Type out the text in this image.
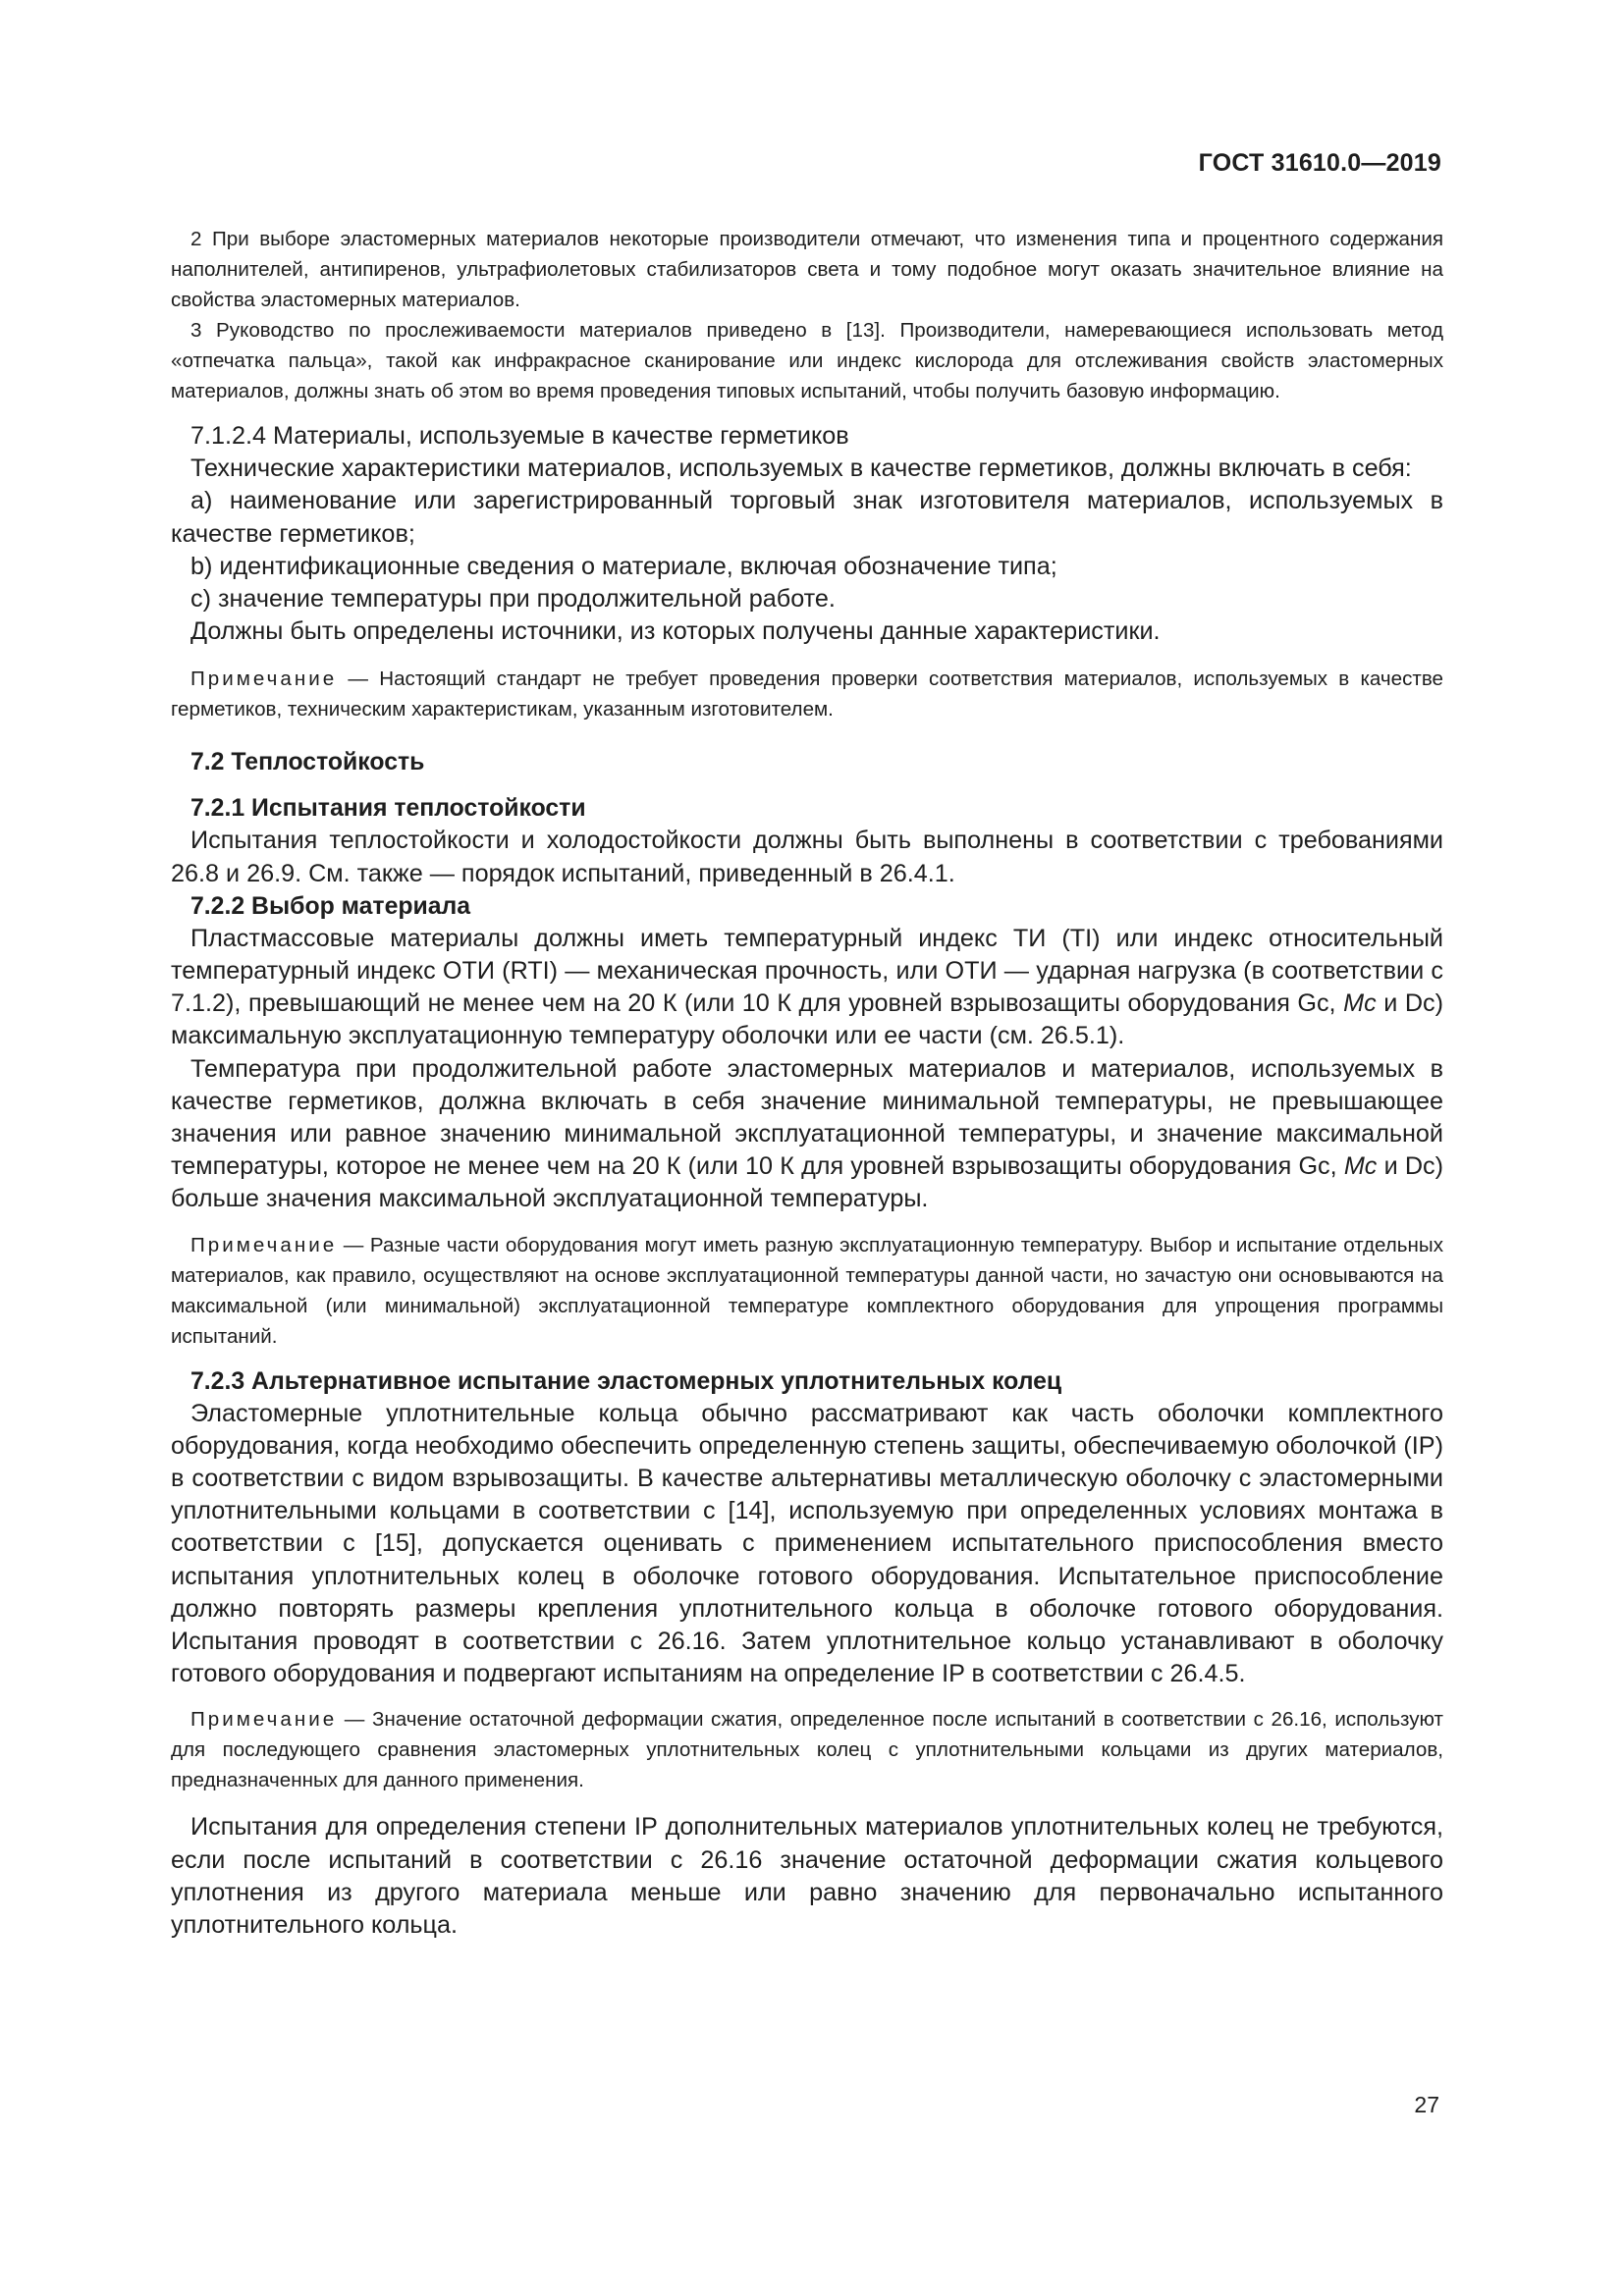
ГОСТ 31610.0—2019

2 При выборе эластомерных материалов некоторые производители отмечают, что изменения типа и процентного содержания наполнителей, антипиренов, ультрафиолетовых стабилизаторов света и тому подобное могут оказать значительное влияние на свойства эластомерных материалов.

3 Руководство по прослеживаемости материалов приведено в [13]. Производители, намеревающиеся использовать метод «отпечатка пальца», такой как инфракрасное сканирование или индекс кислорода для отслеживания свойств эластомерных материалов, должны знать об этом во время проведения типовых испытаний, чтобы получить базовую информацию.

7.1.2.4 Материалы, используемые в качестве герметиков

Технические характеристики материалов, используемых в качестве герметиков, должны включать в себя:

a) наименование или зарегистрированный торговый знак изготовителя материалов, используемых в качестве герметиков;

b) идентификационные сведения о материале, включая обозначение типа;

c) значение температуры при продолжительной работе.

Должны быть определены источники, из которых получены данные характеристики.

Примечание — Настоящий стандарт не требует проведения проверки соответствия материалов, используемых в качестве герметиков, техническим характеристикам, указанным изготовителем.

7.2 Теплостойкость

7.2.1 Испытания теплостойкости

Испытания теплостойкости и холодостойкости должны быть выполнены в соответствии с требованиями 26.8 и 26.9. См. также — порядок испытаний, приведенный в 26.4.1.

7.2.2 Выбор материала

Пластмассовые материалы должны иметь температурный индекс ТИ (TI) или индекс относительный температурный индекс ОТИ (RTI) — механическая прочность, или ОТИ — ударная нагрузка (в соответствии с 7.1.2), превышающий не менее чем на 20 К (или 10 К для уровней взрывозащиты оборудования Gc, Mc и Dc) максимальную эксплуатационную температуру оболочки или ее части (см. 26.5.1).

Температура при продолжительной работе эластомерных материалов и материалов, используемых в качестве герметиков, должна включать в себя значение минимальной температуры, не превышающее значения или равное значению минимальной эксплуатационной температуры, и значение максимальной температуры, которое не менее чем на 20 К (или 10 К для уровней взрывозащиты оборудования Gc, Mc и Dc) больше значения максимальной эксплуатационной температуры.

Примечание — Разные части оборудования могут иметь разную эксплуатационную температуру. Выбор и испытание отдельных материалов, как правило, осуществляют на основе эксплуатационной температуры данной части, но зачастую они основываются на максимальной (или минимальной) эксплуатационной температуре комплектного оборудования для упрощения программы испытаний.

7.2.3 Альтернативное испытание эластомерных уплотнительных колец

Эластомерные уплотнительные кольца обычно рассматривают как часть оболочки комплектного оборудования, когда необходимо обеспечить определенную степень защиты, обеспечиваемую оболочкой (IP) в соответствии с видом взрывозащиты. В качестве альтернативы металлическую оболочку с эластомерными уплотнительными кольцами в соответствии с [14], используемую при определенных условиях монтажа в соответствии с [15], допускается оценивать с применением испытательного приспособления вместо испытания уплотнительных колец в оболочке готового оборудования. Испытательное приспособление должно повторять размеры крепления уплотнительного кольца в оболочке готового оборудования. Испытания проводят в соответствии с 26.16. Затем уплотнительное кольцо устанавливают в оболочку готового оборудования и подвергают испытаниям на определение IP в соответствии с 26.4.5.

Примечание — Значение остаточной деформации сжатия, определенное после испытаний в соответствии с 26.16, используют для последующего сравнения эластомерных уплотнительных колец с уплотнительными кольцами из других материалов, предназначенных для данного применения.

Испытания для определения степени IP дополнительных материалов уплотнительных колец не требуются, если после испытаний в соответствии с 26.16 значение остаточной деформации сжатия кольцевого уплотнения из другого материала меньше или равно значению для первоначально испытанного уплотнительного кольца.

27
